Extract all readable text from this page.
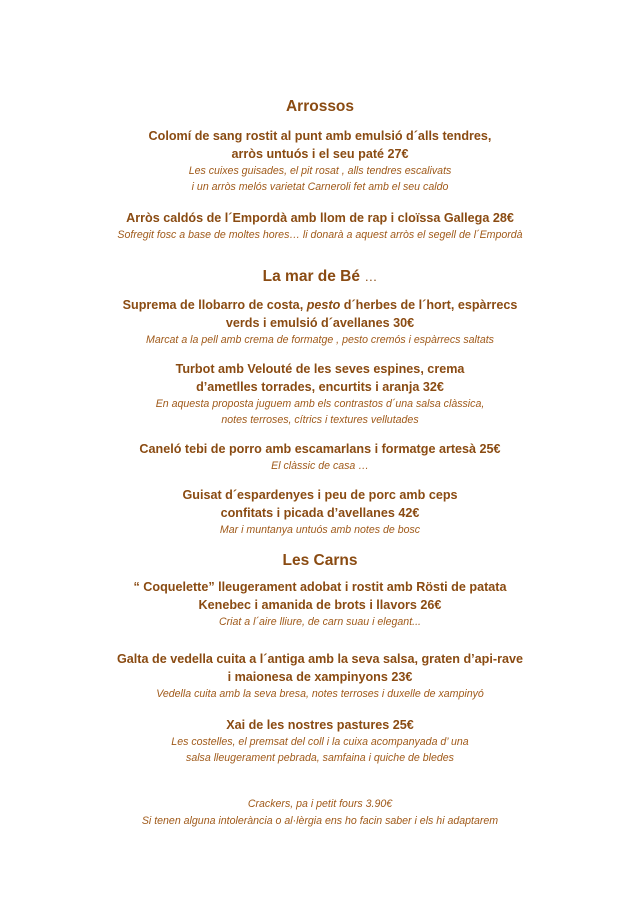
Arrossos
Colomí de sang rostit al punt amb emulsió d´alls tendres,
arròs untuós i el seu paté 27€
Les cuixes guisades, el pit rosat , alls tendres escalivats
i un arròs melós varietat Carneroli fet amb el seu caldo
Arròs caldós de l´Empordà amb llom de rap i cloïssa Gallega 28€
Sofregit fosc a base de moltes hores… li donarà a aquest arròs el segell de l´Empordà
La mar de Bé …
Suprema de llobarro de costa, pesto d´herbes de l´hort, espàrrecs
verds i emulsió d´avellanes 30€
Marcat a la pell amb crema de formatge , pesto cremós i espàrrecs saltats
Turbot amb Velouté de les seves espines, crema
d’ametlles torrades, encurtits i aranja 32€
En aquesta proposta juguem amb els contrastos d´una salsa clàssica,
notes terroses, cítrics i textures vellutades
Caneló tebi de porro amb escamarlans i formatge artesà 25€
El clàssic de casa …
Guisat d´espardenyes i peu de porc amb ceps
confitats i picada d’avellanes 42€
Mar i muntanya untuós amb notes de bosc
Les Carns
“ Coquelette” lleugerament adobat i rostit amb Rösti de patata
Kenebec i amanida de brots i llavors 26€
Criat a l´aire lliure, de carn suau i elegant...
Galta de vedella cuita a l´antiga amb la seva salsa, graten d’api-rave
i maionesa de xampinyons 23€
Vedella cuita amb la seva bresa, notes terroses i duxelle de xampinyó
Xai de les nostres pastures 25€
Les costelles, el premsat del coll i la cuixa acompanyada d’ una
salsa lleugerament pebrada, samfaina i quiche de bledes
Crackers, pa i petit fours 3.90€
Si tenen alguna intolerància o al·lèrgia ens ho facin saber i els hi adaptarem
